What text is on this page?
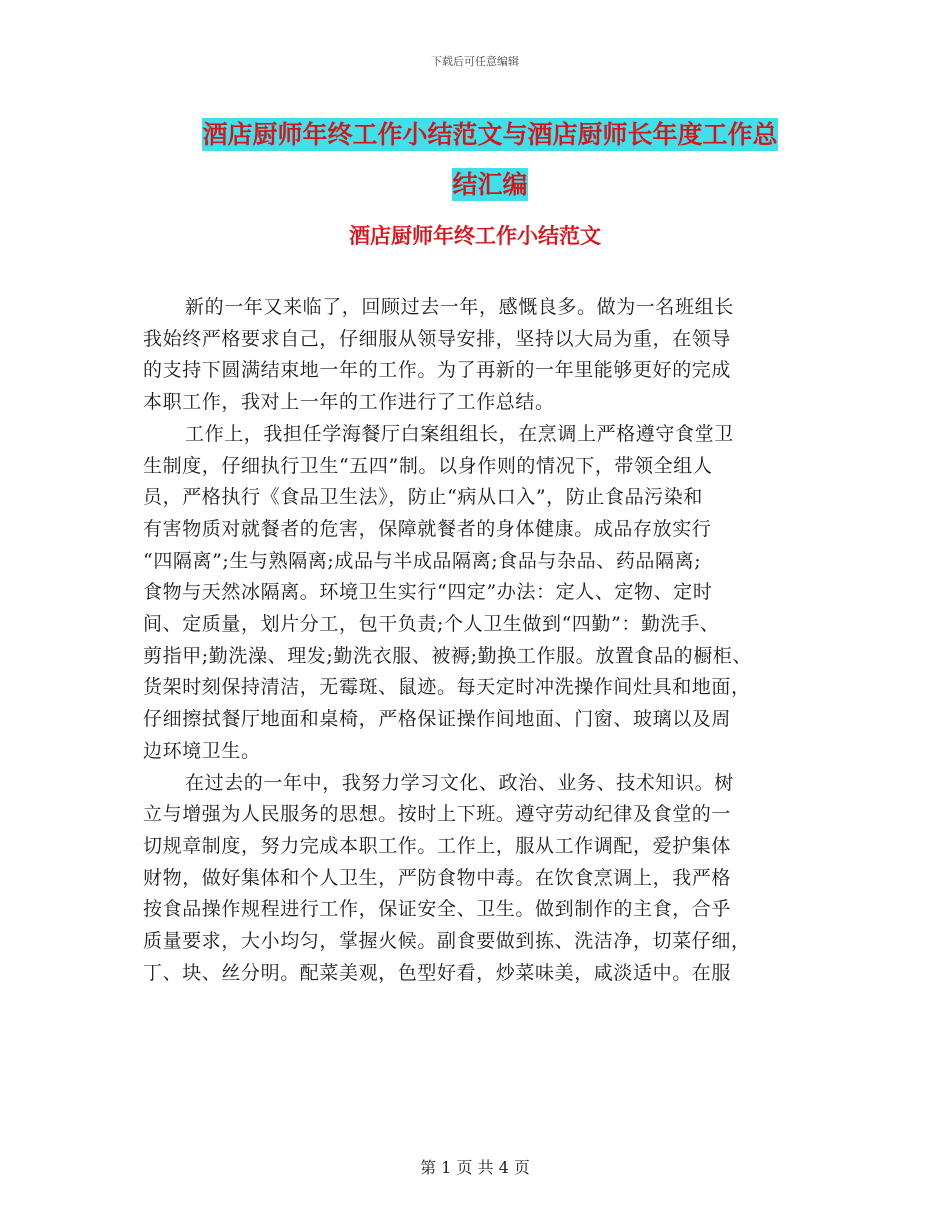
下载后可任意编辑
酒店厨师年终工作小结范文与酒店厨师长年度工作总
结汇编
酒店厨师年终工作小结范文

新的一年又来临了，回顾过去一年，感慨良多。做为一名班组长
我始终严格要求自己，仔细服从领导安排，坚持以大局为重，在领导
的支持下圆满结束地一年的工作。为了再新的一年里能够更好的完成
本职工作，我对上一年的工作进行了工作总结。

工作上，我担任学海餐厅白案组组长，在烹调上严格遵守食堂卫
生制度，仔细执行卫生“五四”制。以身作则的情况下，带领全组人
员，严格执行《食品卫生法》，防止“病从口入”，防止食品污染和
有害物质对就餐者的危害，保障就餐者的身体健康。成品存放实行
“四隔离”;生与熟隔离;成品与半成品隔离;食品与杂品、药品隔离;
食物与天然冰隔离。环境卫生实行“四定”办法：定人、定物、定时
间、定质量，划片分工，包干负责;个人卫生做到“四勤”：勤洗手、
剪指甲;勤洗澡、理发;勤洗衣服、被褥;勤换工作服。放置食品的橱柜、
货架时刻保持清洁，无霉斑、鼠迹。每天定时冲洗操作间灶具和地面，
仔细擦拭餐厅地面和桌椅，严格保证操作间地面、门窗、玻璃以及周
边环境卫生。

在过去的一年中，我努力学习文化、政治、业务、技术知识。树
立与增强为人民服务的思想。按时上下班。遵守劳动纪律及食堂的一
切规章制度，努力完成本职工作。工作上，服从工作调配，爱护集体
财物，做好集体和个人卫生，严防食物中毒。在饮食烹调上，我严格
按食品操作规程进行工作，保证安全、卫生。做到制作的主食，合乎
质量要求，大小均匀，掌握火候。副食要做到拣、洗洁净，切菜仔细，
丁、块、丝分明。配菜美观，色型好看，炒菜味美，咸淡适中。在服

第 1 页 共 4 页
